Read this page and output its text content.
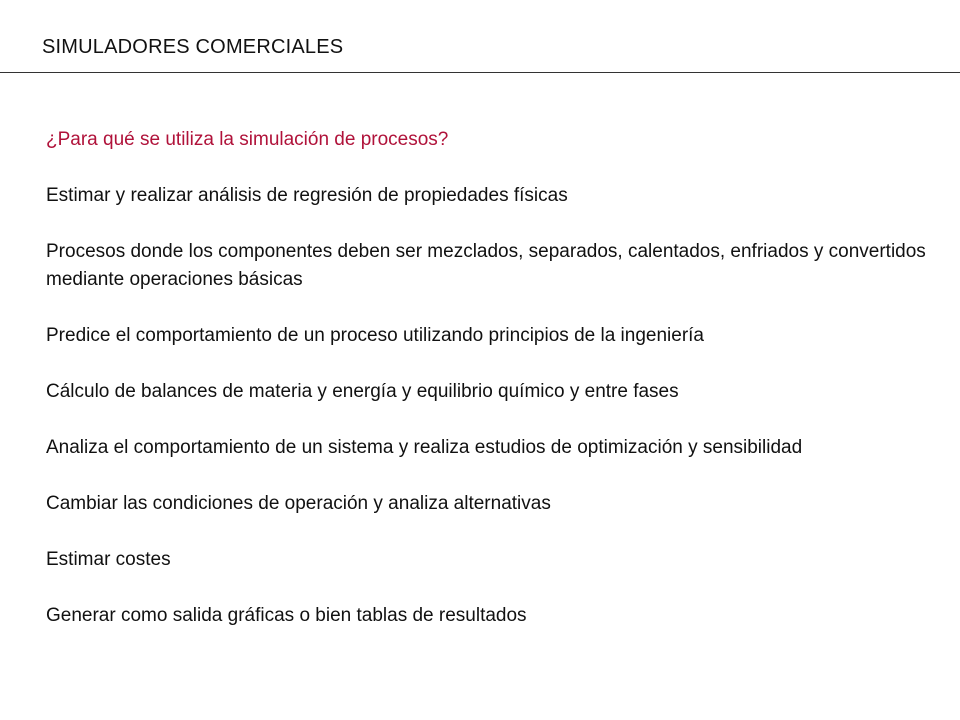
SIMULADORES COMERCIALES

¿Para qué se utiliza la simulación de procesos?

Estimar y realizar análisis de regresión de propiedades físicas

Procesos donde los componentes deben ser mezclados, separados, calentados, enfriados y convertidos mediante operaciones básicas

Predice el comportamiento de un proceso utilizando principios de la ingeniería

Cálculo de balances de materia y energía y equilibrio químico y entre fases

Analiza el comportamiento de un sistema y realiza estudios de optimización y sensibilidad

Cambiar las condiciones de operación y analiza alternativas

Estimar costes

Generar como salida gráficas o bien tablas de resultados
